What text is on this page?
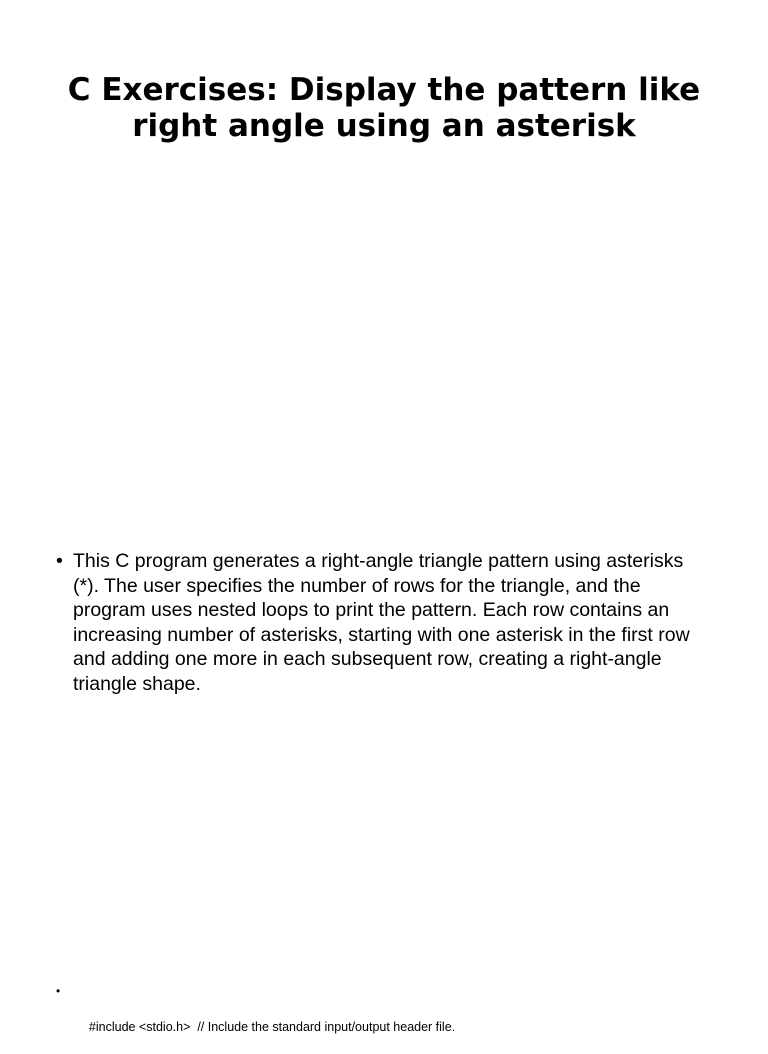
C Exercises: Display the pattern like right angle using an asterisk
• This C program generates a right-angle triangle pattern using asterisks (*). The user specifies the number of rows for the triangle, and the program uses nested loops to print the pattern. Each row contains an increasing number of asterisks, starting with one asterisk in the first row and adding one more in each subsequent row, creating a right-angle triangle shape.

•

#include <stdio.h>  // Include the standard input/output header file.
